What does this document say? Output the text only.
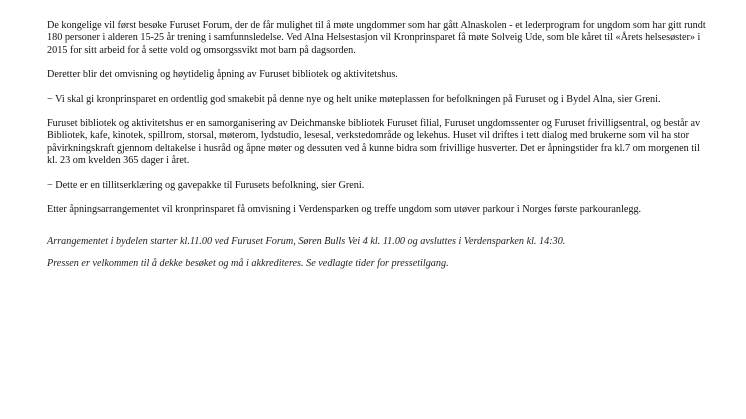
De kongelige vil først besøke Furuset Forum, der de får mulighet til å møte ungdommer som har gått Alnaskolen - et lederprogram for ungdom som har gitt rundt 180 personer i alderen 15-25 år trening i samfunnsledelse. Ved Alna Helsestasjon vil Kronprinsparet få møte Solveig Ude, som ble kåret til «Årets helsesøster» i 2015 for sitt arbeid for å sette vold og omsorgssvikt mot barn på dagsorden.

Deretter blir det omvisning og høytidelig åpning av Furuset bibliotek og aktivitetshus.

− Vi skal gi kronprinsparet en ordentlig god smakebit på denne nye og helt unike møteplassen for befolkningen på Furuset og i Bydel Alna, sier Greni.

Furuset bibliotek og aktivitetshus er en samorganisering av Deichmanske bibliotek Furuset filial, Furuset ungdomssenter og Furuset frivilligsentral, og består av Bibliotek, kafe, kinotek, spillrom, storsal, møterom, lydstudio, lesesal, verkstedområde og lekehus. Huset vil driftes i tett dialog med brukerne som vil ha stor påvirkningskraft gjennom deltakelse i husråd og åpne møter og dessuten ved å kunne bidra som frivillige husverter. Det er åpningstider fra kl.7 om morgenen til kl. 23 om kvelden 365 dager i året.

− Dette er en tillitserklæring og gavepakke til Furusets befolkning, sier Greni.

Etter åpningsarrangementet vil kronprinsparet få omvisning i Verdensparken og treffe ungdom som utøver parkour i Norges første parkouranlegg.

Arrangementet i bydelen starter kl.11.00 ved Furuset Forum, Søren Bulls Vei 4 kl. 11.00 og avsluttes i Verdensparken kl. 14:30.

Pressen er velkommen til å dekke besøket og må i akkrediteres. Se vedlagte tider for pressetilgang.
